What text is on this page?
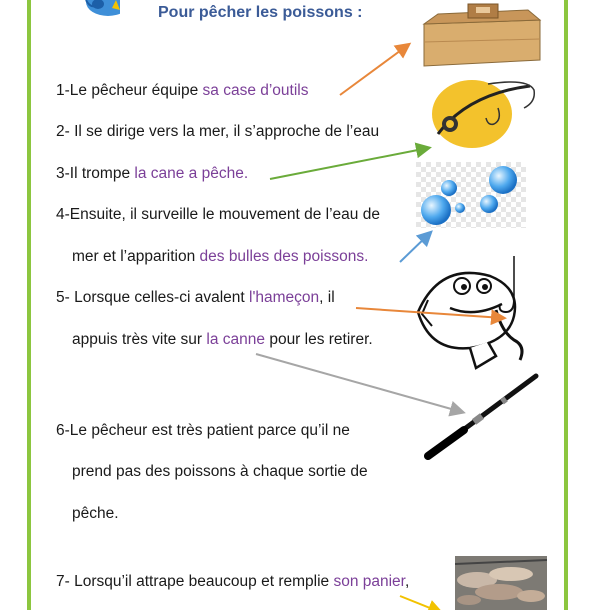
Pour pêcher les poissons :
1-Le pêcheur équipe sa case d’outils
2- Il se dirige vers la mer, il s’approche de l’eau
3-Il trompe la cane a pêche.
4-Ensuite, il surveille le mouvement de l’eau de
mer et l’apparition des bulles des poissons.
5- Lorsque celles-ci avalent l'hameçon, il
appuis très vite sur la canne pour les retirer.
6-Le pêcheur est très patient parce qu’il ne
prend pas des poissons à chaque sortie de
pêche.
7- Lorsqu’il attrape beaucoup et remplie son panier,
